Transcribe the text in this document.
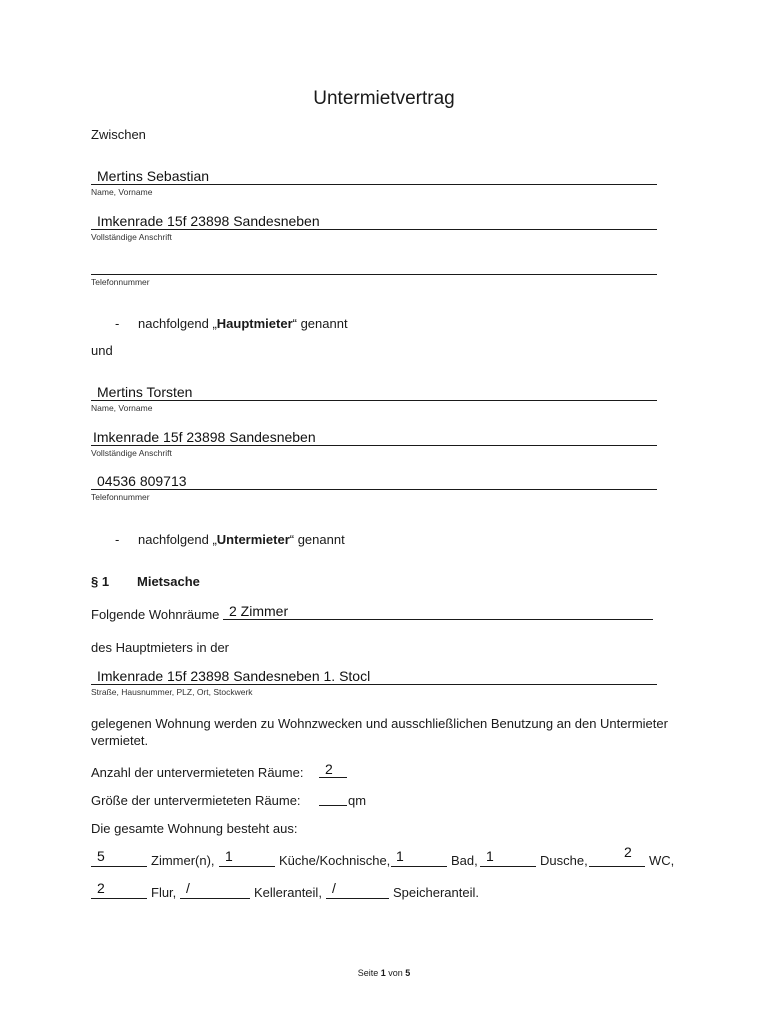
Untermietvertrag
Zwischen
Mertins Sebastian
Name, Vorname
Imkenrade 15f 23898 Sandesneben
Vollständige Anschrift
Telefonnummer
- nachfolgend „Hauptmieter“ genannt
und
Mertins Torsten
Name, Vorname
Imkenrade 15f 23898 Sandesneben
Vollständige Anschrift
04536 809713
Telefonnummer
- nachfolgend „Untermieter“ genannt
§ 1 Mietsache
Folgende Wohnräume 2 Zimmer
des Hauptmieters in der
Imkenrade 15f 23898 Sandesneben 1. Stocl
Straße, Hausnummer, PLZ, Ort, Stockwerk
gelegenen Wohnung werden zu Wohnzwecken und ausschließlichen Benutzung an den Untermieter
vermietet.
Anzahl der untervermieteten Räume: 2
Größe der untervermieteten Räume:	qm
Die gesamte Wohnung besteht aus:
5	Zimmer(n), 1	Küche/Kochnische, 1	Bad, 1	Dusche,
2
WC,
2	Flur, /	Kelleranteil, /	Speicheranteil.
Seite 1 von 5
